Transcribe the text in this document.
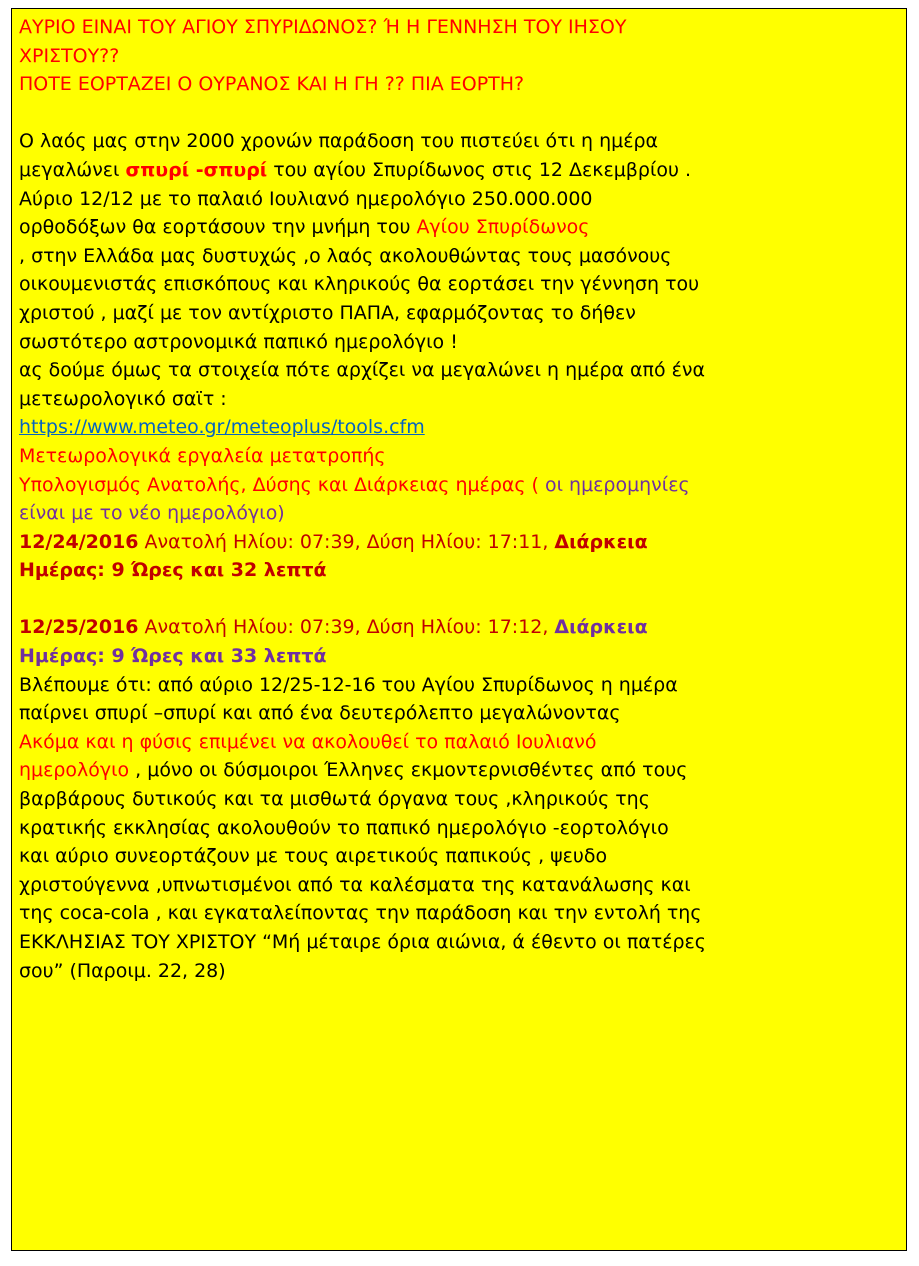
ΑΥΡΙΟ ΕΙΝΑΙ ΤΟΥ ΑΓΙΟΥ ΣΠΥΡΙΔΩΝΟΣ? Ή Η ΓΕΝΝΗΣΗ ΤΟΥ ΙΗΣΟΥ
ΧΡΙΣΤΟΥ??
ΠΟΤΕ ΕΟΡΤΑΖΕΙ Ο ΟΥΡΑΝΟΣ ΚΑΙ Η ΓΗ ?? ΠΙΑ ΕΟΡΤΗ?
Ο λαός μας στην 2000 χρονών παράδοση του πιστεύει ότι η ημέρα
μεγαλώνει σπυρί -σπυρί του αγίου Σπυρίδωνος στις 12 Δεκεμβρίου .
Αύριο 12/12 με το παλαιό Ιουλιανό ημερολόγιο 250.000.000
ορθοδόξων θα εορτάσουν την μνήμη του Αγίου Σπυρίδωνος
, στην Ελλάδα μας δυστυχώς ,ο λαός ακολουθώντας τους μασόνους
οικουμενιστάς επισκόπους και κληρικούς θα εορτάσει την γέννηση του
χριστού , μαζί με τον αντίχριστο ΠΑΠΑ, εφαρμόζοντας το δήθεν
σωστότερο αστρονομικά παπικό ημερολόγιο !
ας δούμε όμως τα στοιχεία πότε αρχίζει να μεγαλώνει η ημέρα από ένα
μετεωρολογικό σαϊτ :
https://www.meteo.gr/meteoplus/tools.cfm
Μετεωρολογικά εργαλεία μετατροπής
Υπολογισμός Ανατολής, Δύσης και Διάρκειας ημέρας ( οι ημερομηνίες
είναι με το νέο ημερολόγιο)
12/24/2016 Ανατολή Ηλίου: 07:39, Δύση Ηλίου: 17:11, Διάρκεια
Ημέρας: 9 Ώρες και 32 λεπτά
12/25/2016 Ανατολή Ηλίου: 07:39, Δύση Ηλίου: 17:12, Διάρκεια
Ημέρας: 9 Ώρες και 33 λεπτά
Βλέπουμε ότι: από αύριο 12/25-12-16 του Αγίου Σπυρίδωνος η ημέρα
παίρνει σπυρί –σπυρί και από ένα δευτερόλεπτο μεγαλώνοντας
Ακόμα και η φύσις επιμένει να ακολουθεί το παλαιό Ιουλιανό
ημερολόγιο , μόνο οι δύσμοιροι Έλληνες εκμοντερνισθέντες από τους
βαρβάρους δυτικούς και τα μισθωτά όργανα τους ,κληρικούς της
κρατικής εκκλησίας ακολουθούν το παπικό ημερολόγιο -εορτολόγιο
και αύριο συνεορτάζουν με τους αιρετικούς παπικούς , ψευδο
χριστούγεννα ,υπνωτισμένοι από τα καλέσματα της κατανάλωσης και
της coca-cola , και εγκαταλείποντας την παράδοση και την εντολή της
ΕΚΚΛΗΣΙΑΣ ΤΟΥ ΧΡΙΣΤΟΥ “Μή μέταιρε όρια αιώνια, ά έθεντο οι πατέρες
σου” (Παροιμ. 22, 28)
